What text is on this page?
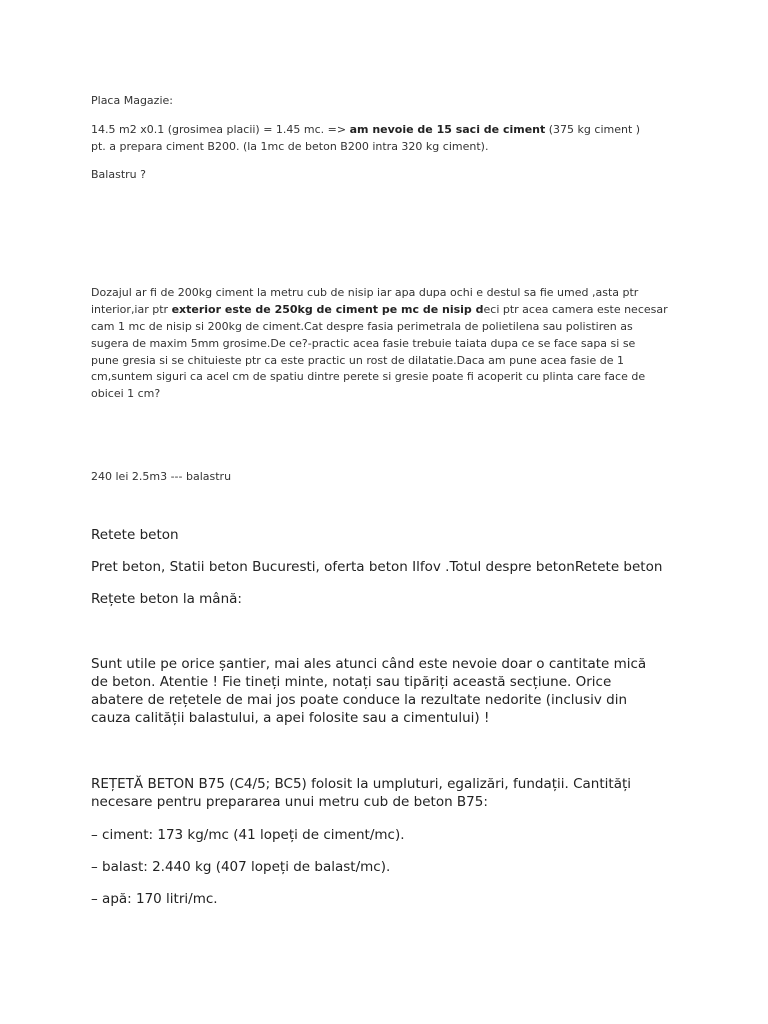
Placa Magazie:

14.5 m2 x0.1 (grosimea placii) = 1.45 mc. => am nevoie de 15 saci de ciment (375 kg ciment )

pt. a prepara ciment B200. (la 1mc de beton B200 intra 320 kg ciment).

Balastru ?

Dozajul ar fi de 200kg ciment la metru cub de nisip iar apa dupa ochi e destul sa fie umed ,asta ptr

interior,iar ptr exterior este de 250kg de ciment pe mc de nisip deci ptr acea camera este necesar

cam 1 mc de nisip si 200kg de ciment.Cat despre fasia perimetrala de polietilena sau polistiren as

sugera de maxim 5mm grosime.De ce?-practic acea fasie trebuie taiata dupa ce se face sapa si se

pune gresia si se chituieste ptr ca este practic un rost de dilatatie.Daca am pune acea fasie de 1

cm,suntem siguri ca acel cm de spatiu dintre perete si gresie poate fi acoperit cu plinta care face de

obicei 1 cm?

240 lei 2.5m3 --- balastru

Retete beton

Pret beton, Statii beton Bucuresti, oferta beton Ilfov .Totul despre betonRetete beton

Rețete beton la mână:

Sunt utile pe orice șantier, mai ales atunci când este nevoie doar o cantitate mică

de beton. Atentie ! Fie tineți minte, notați sau tipăriți această secțiune. Orice

abatere de rețetele de mai jos poate conduce la rezultate nedorite (inclusiv din

cauza calității balastului, a apei folosite sau a cimentului) !

REȚETĂ BETON B75 (C4/5; BC5) folosit la umpluturi, egalizări, fundații. Cantități

necesare pentru prepararea unui metru cub de beton B75:

– ciment: 173 kg/mc (41 lopeți de ciment/mc).

– balast: 2.440 kg (407 lopeți de balast/mc).

– apă: 170 litri/mc.
